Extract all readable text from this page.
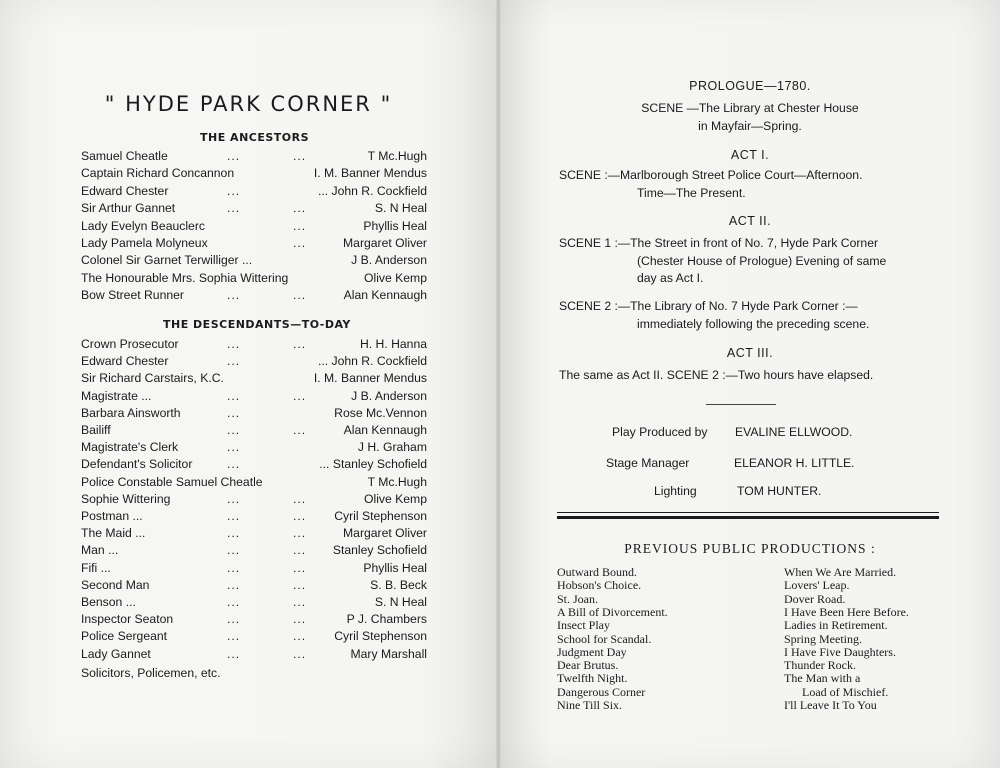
" HYDE PARK CORNER "
THE ANCESTORS
Samuel Cheatle	...	...	T Mc.Hugh
Captain Richard Concannon	I. M. Banner Mendus
Edward Chester	...	... John R. Cockfield
Sir Arthur Gannet	...	...	S. N Heal
Lady Evelyn Beauclerc	...	Phyllis Heal
Lady Pamela Molyneux	...	Margaret Oliver
Colonel Sir Garnet Terwilliger ...	J B. Anderson
The Honourable Mrs. Sophia Wittering	Olive Kemp
Bow Street Runner	...	...	Alan Kennaugh
THE DESCENDANTS—TO-DAY
Crown Prosecutor	...	...	H. H. Hanna
Edward Chester	...	... John R. Cockfield
Sir Richard Carstairs, K.C.	I. M. Banner Mendus
Magistrate ...	...	...	J B. Anderson
Barbara Ainsworth	...	Rose Mc.Vennon
Bailiff	...	...	Alan Kennaugh
Magistrate's Clerk	...	J H. Graham
Defendant's Solicitor	...	... Stanley Schofield
Police Constable Samuel Cheatle	T Mc.Hugh
Sophie Wittering	...	...	Olive Kemp
Postman ...	...	... Cyril Stephenson
The Maid ...	...	...	Margaret Oliver
Man ...	...	... Stanley Schofield
Fifi ...	...	...	Phyllis Heal
Second Man	...	...	S. B. Beck
Benson ...	...	...	S. N Heal
Inspector Seaton	...	...	P J. Chambers
Police Sergeant	...	... Cyril Stephenson
Lady Gannet	...	...	Mary Marshall
Solicitors, Policemen, etc.
PROLOGUE—1780.
SCENE —The Library at Chester House
in Mayfair—Spring.
ACT I.
SCENE :—Marlborough Street Police Court—Afternoon.
Time—The Present.
ACT II.
SCENE 1 :—The Street in front of No. 7, Hyde Park Corner
(Chester House of Prologue) Evening of same
day as Act I.
SCENE 2 :—The Library of No. 7 Hyde Park Corner :—
immediately following the preceding scene.
ACT III.
The same as Act II. SCENE 2 :—Two hours have elapsed.
Play Produced by EVALINE ELLWOOD.
Stage Manager	ELEANOR H. LITTLE.
Lighting	TOM HUNTER.
PREVIOUS PUBLIC PRODUCTIONS :
Outward Bound.
Hobson's Choice.
St. Joan.
A Bill of Divorcement.
Insect Play
School for Scandal.
Judgment Day
Dear Brutus.
Twelfth Night.
Dangerous Corner
Nine Till Six.
When We Are Married.
Lovers' Leap.
Dover Road.
I Have Been Here Before.
Ladies in Retirement.
Spring Meeting.
I Have Five Daughters.
Thunder Rock.
The Man with a
Load of Mischief.
I'll Leave It To You
